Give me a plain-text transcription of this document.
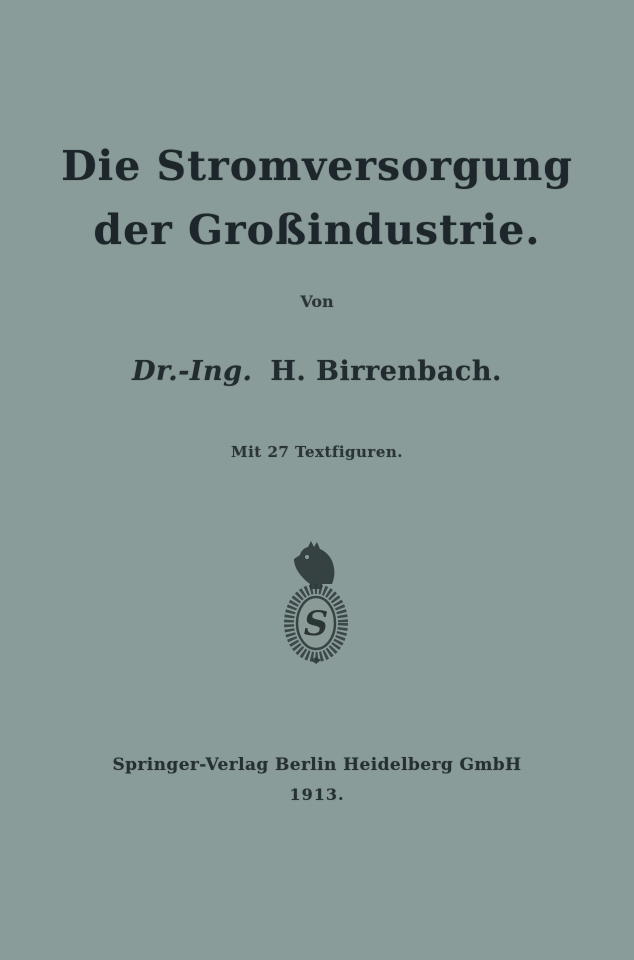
Die Stromversorgung
der Großindustrie.
Von
Dr.-Ing. H. Birrenbach.
Mit 27 Textfiguren.
S
Springer-Verlag Berlin Heidelberg GmbH
1913.
